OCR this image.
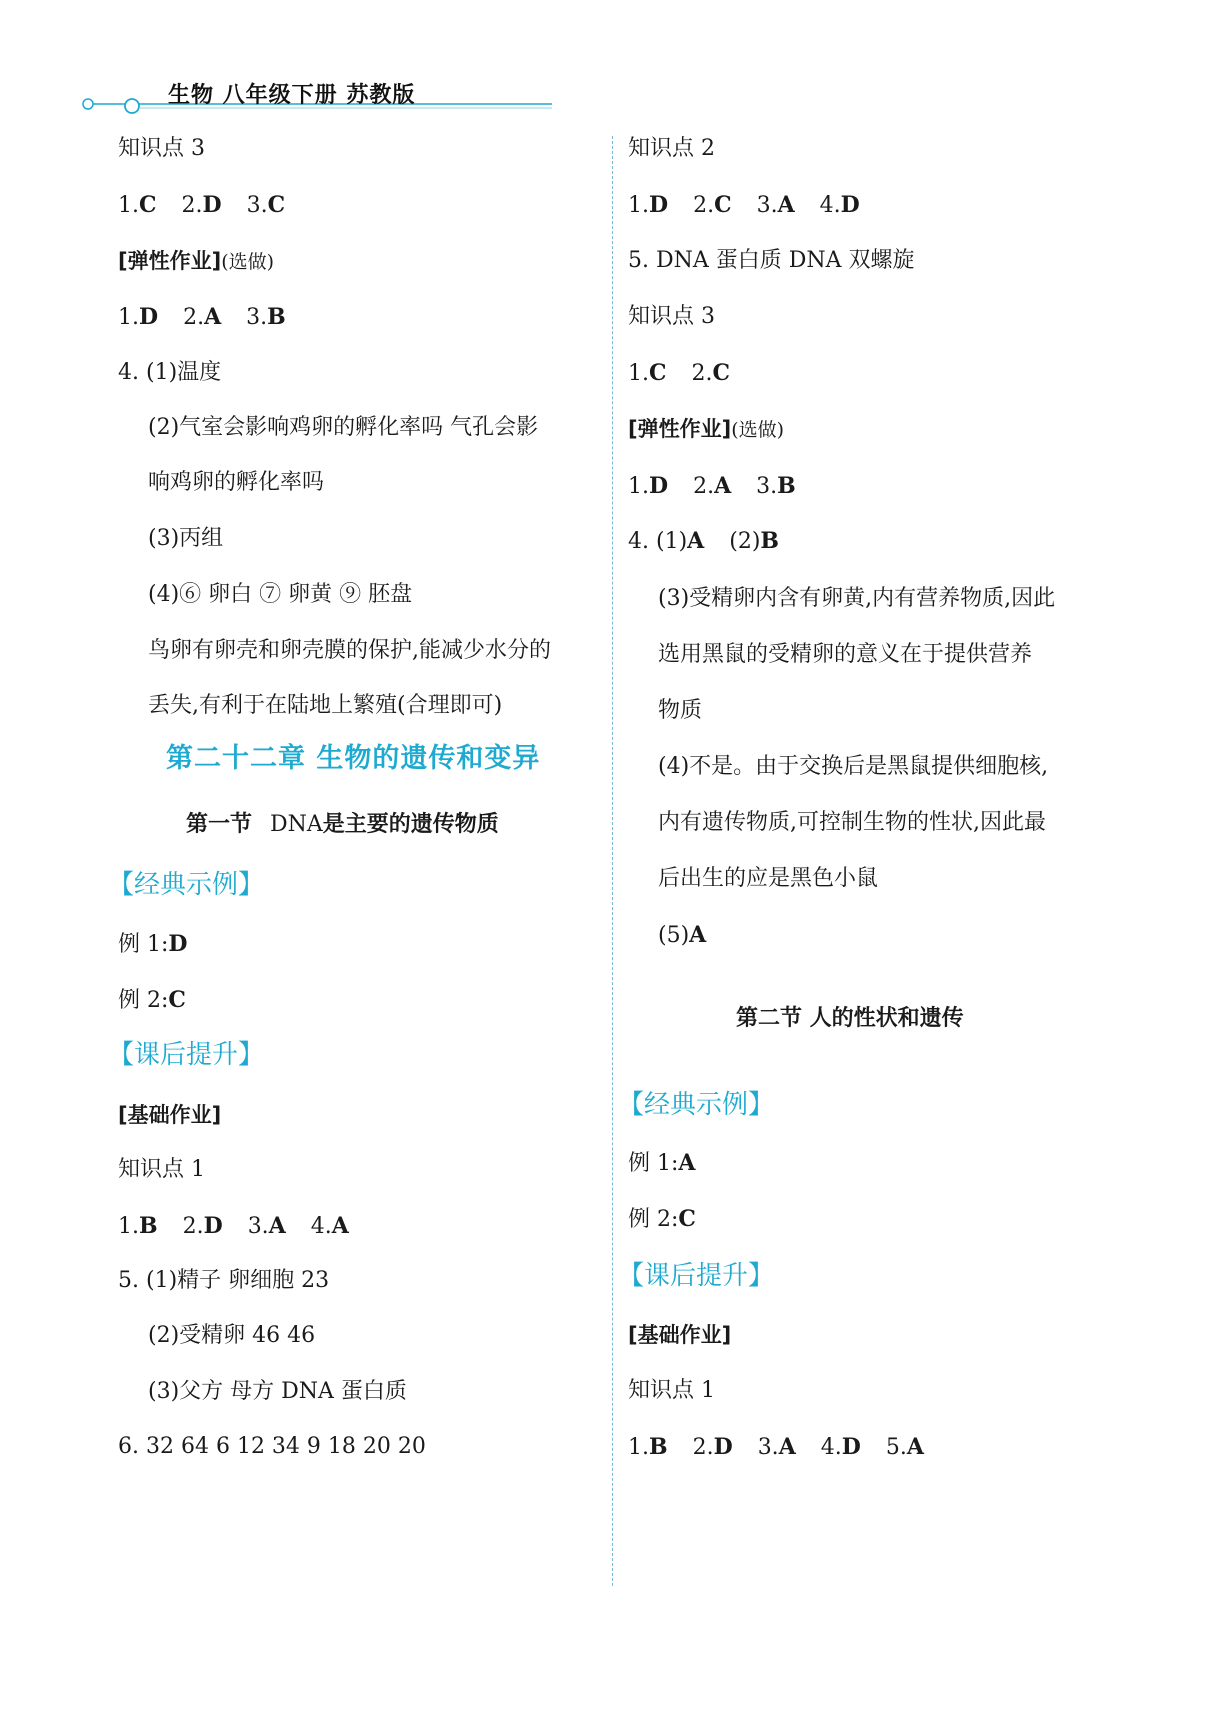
生物 八年级下册 苏教版
知识点 3
1.C 2.D 3.C
[弹性作业](选做)
1.D 2.A 3.B
4. (1)温度
(2)气室会影响鸡卵的孵化率吗 气孔会影
响鸡卵的孵化率吗
(3)丙组
(4)⑥ 卵白 ⑦ 卵黄 ⑨ 胚盘
鸟卵有卵壳和卵壳膜的保护,能减少水分的
丢失,有利于在陆地上繁殖(合理即可)
第二十二章 生物的遗传和变异
第一节 DNA是主要的遗传物质
【经典示例】
例 1:D
例 2:C
【课后提升】
[基础作业]
知识点 1
1.B 2.D 3.A 4.A
5. (1)精子 卵细胞 23
(2)受精卵 46 46
(3)父方 母方 DNA 蛋白质
6. 32 64 6 12 34 9 18 20 20
知识点 2
1.D 2.C 3.A 4.D
5. DNA 蛋白质 DNA 双螺旋
知识点 3
1.C 2.C
[弹性作业](选做)
1.D 2.A 3.B
4. (1)A (2)B
(3)受精卵内含有卵黄,内有营养物质,因此
选用黑鼠的受精卵的意义在于提供营养
物质
(4)不是。由于交换后是黑鼠提供细胞核,
内有遗传物质,可控制生物的性状,因此最
后出生的应是黑色小鼠
(5)A
第二节 人的性状和遗传
【经典示例】
例 1:A
例 2:C
【课后提升】
[基础作业]
知识点 1
1.B 2.D 3.A 4.D 5.A
